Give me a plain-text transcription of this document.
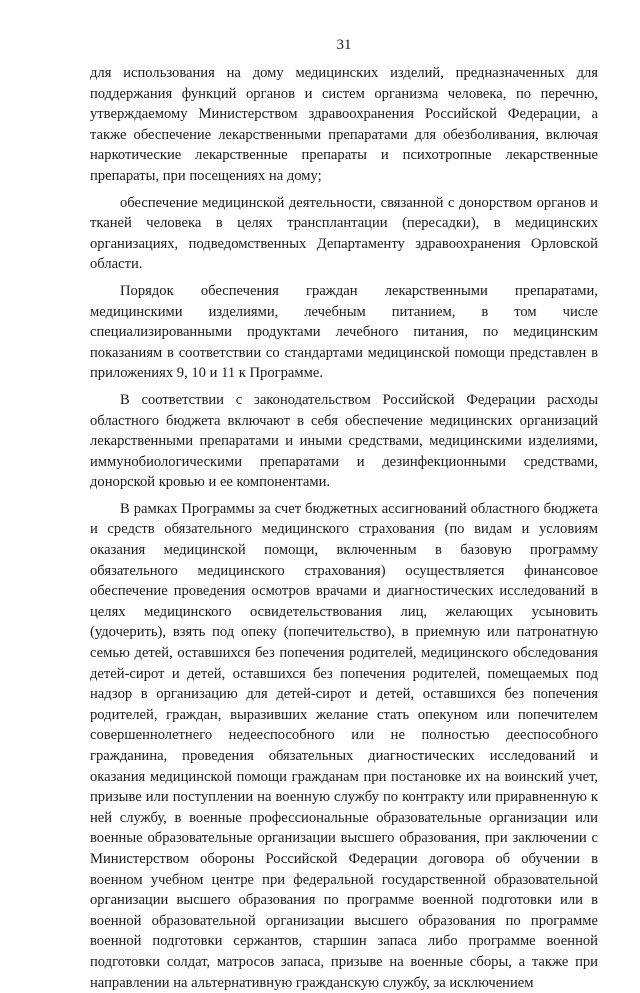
31

для использования на дому медицинских изделий, предназначенных для поддержания функций органов и систем организма человека, по перечню, утверждаемому Министерством здравоохранения Российской Федерации, а также обеспечение лекарственными препаратами для обезболивания, включая наркотические лекарственные препараты и психотропные лекарственные препараты, при посещениях на дому;

обеспечение медицинской деятельности, связанной с донорством органов и тканей человека в целях трансплантации (пересадки), в медицинских организациях, подведомственных Департаменту здравоохранения Орловской области.

Порядок обеспечения граждан лекарственными препаратами, медицинскими изделиями, лечебным питанием, в том числе специализированными продуктами лечебного питания, по медицинским показаниям в соответствии со стандартами медицинской помощи представлен в приложениях 9, 10 и 11 к Программе.

В соответствии с законодательством Российской Федерации расходы областного бюджета включают в себя обеспечение медицинских организаций лекарственными препаратами и иными средствами, медицинскими изделиями, иммунобиологическими препаратами и дезинфекционными средствами, донорской кровью и ее компонентами.

В рамках Программы за счет бюджетных ассигнований областного бюджета и средств обязательного медицинского страхования (по видам и условиям оказания медицинской помощи, включенным в базовую программу обязательного медицинского страхования) осуществляется финансовое обеспечение проведения осмотров врачами и диагностических исследований в целях медицинского освидетельствования лиц, желающих усыновить (удочерить), взять под опеку (попечительство), в приемную или патронатную семью детей, оставшихся без попечения родителей, медицинского обследования детей-сирот и детей, оставшихся без попечения родителей, помещаемых под надзор в организацию для детей-сирот и детей, оставшихся без попечения родителей, граждан, выразивших желание стать опекуном или попечителем совершеннолетнего недееспособного или не полностью дееспособного гражданина, проведения обязательных диагностических исследований и оказания медицинской помощи гражданам при постановке их на воинский учет, призыве или поступлении на военную службу по контракту или приравненную к ней службу, в военные профессиональные образовательные организации или военные образовательные организации высшего образования, при заключении с Министерством обороны Российской Федерации договора об обучении в военном учебном центре при федеральной государственной образовательной организации высшего образования по программе военной подготовки или в военной образовательной организации высшего образования по программе военной подготовки сержантов, старшин запаса либо программе военной подготовки солдат, матросов запаса, призыве на военные сборы, а также при направлении на альтернативную гражданскую службу, за исключением
